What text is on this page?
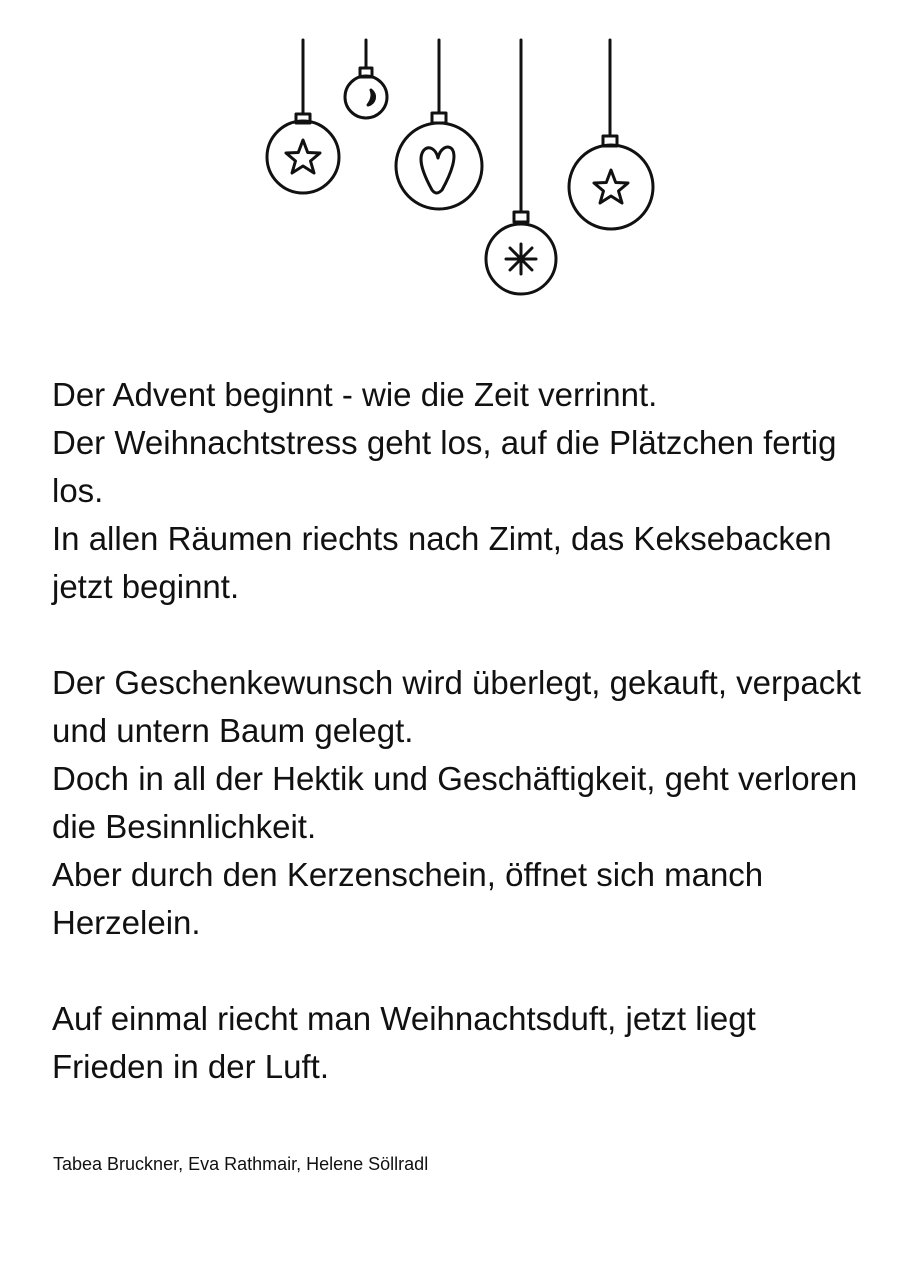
Der Advent beginnt - wie die Zeit verrinnt.
Der Weihnachtstress geht los, auf die Plätzchen fertig los.
In allen Räumen riechts nach Zimt, das Keksebacken jetzt beginnt.
Der Geschenkewunsch wird überlegt, gekauft, verpackt und untern Baum gelegt.
Doch in all der Hektik und Geschäftigkeit, geht verloren die Besinnlichkeit.
Aber durch den Kerzenschein, öffnet sich manch Herzelein.
Auf einmal riecht man Weihnachtsduft, jetzt liegt Frieden in der Luft.
Tabea Bruckner, Eva Rathmair, Helene Söllradl
